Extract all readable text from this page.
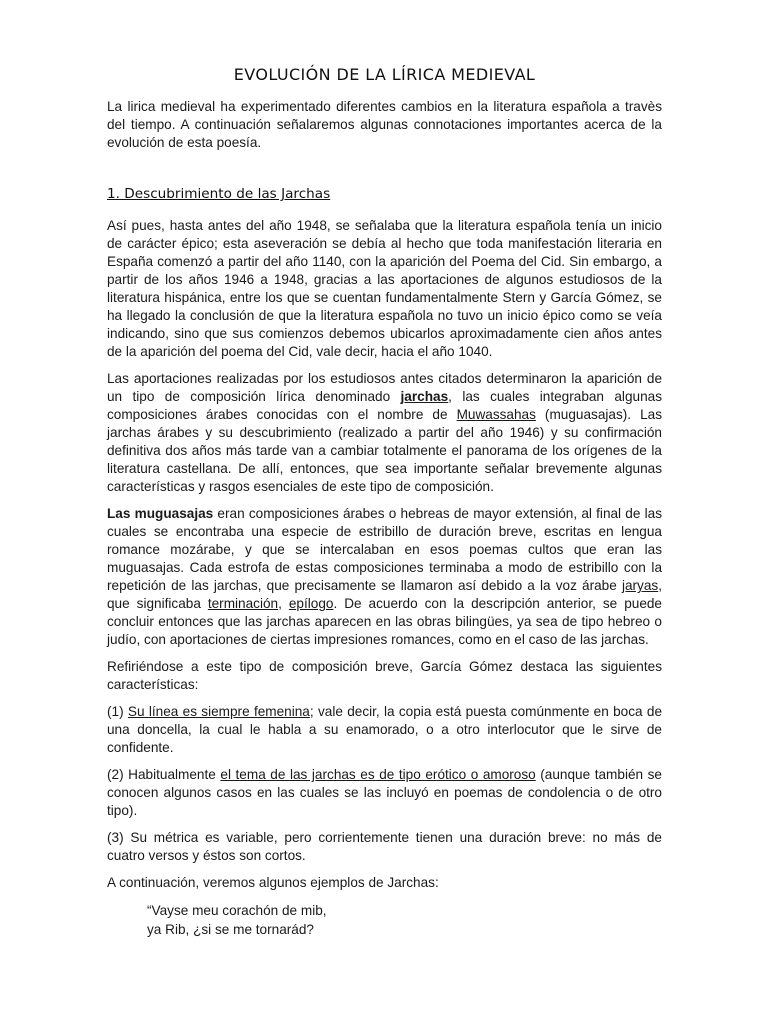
EVOLUCIÓN DE LA LÍRICA MEDIEVAL

La lirica medieval ha experimentado diferentes cambios en la literatura española a travès del tiempo. A continuación señalaremos algunas connotaciones importantes acerca de la evolución de esta poesía.

1. Descubrimiento de las Jarchas

Así pues, hasta antes del año 1948, se señalaba que la literatura española tenía un inicio de carácter épico; esta aseveración se debía al hecho que toda manifestación literaria en España comenzó a partir del año 1140, con la aparición del Poema del Cid. Sin embargo, a partir de los años 1946 a 1948, gracias a las aportaciones de algunos estudiosos de la literatura hispánica, entre los que se cuentan fundamentalmente Stern y García Gómez, se ha llegado la conclusión de que la literatura española no tuvo un inicio épico como se veía indicando, sino que sus comienzos debemos ubicarlos aproximadamente cien años antes de la aparición del poema del Cid, vale decir, hacia el año 1040.

Las aportaciones realizadas por los estudiosos antes citados determinaron la aparición de un tipo de composición lírica denominado jarchas, las cuales integraban algunas composiciones árabes conocidas con el nombre de Muwassahas (muguasajas). Las jarchas árabes y su descubrimiento (realizado a partir del año 1946) y su confirmación definitiva dos años más tarde van a cambiar totalmente el panorama de los orígenes de la literatura castellana. De allí, entonces, que sea importante señalar brevemente algunas características y rasgos esenciales de este tipo de composición.

Las muguasajas eran composiciones árabes o hebreas de mayor extensión, al final de las cuales se encontraba una especie de estribillo de duración breve, escritas en lengua romance mozárabe, y que se intercalaban en esos poemas cultos que eran las muguasajas. Cada estrofa de estas composiciones terminaba a modo de estribillo con la repetición de las jarchas, que precisamente se llamaron así debido a la voz árabe jaryas, que significaba terminación, epílogo. De acuerdo con la descripción anterior, se puede concluir entonces que las jarchas aparecen en las obras bilingües, ya sea de tipo hebreo o judío, con aportaciones de ciertas impresiones romances, como en el caso de las jarchas.

Refiriéndose a este tipo de composición breve, García Gómez destaca las siguientes características:

(1) Su línea es siempre femenina; vale decir, la copia está puesta comúnmente en boca de una doncella, la cual le habla a su enamorado, o a otro interlocutor que le sirve de confidente.

(2) Habitualmente el tema de las jarchas es de tipo erótico o amoroso (aunque también se conocen algunos casos en las cuales se las incluyó en poemas de condolencia o de otro tipo).

(3) Su métrica es variable, pero corrientemente tienen una duración breve: no más de cuatro versos y éstos son cortos.

A continuación, veremos algunos ejemplos de Jarchas:

“Vayse meu corachón de mib,
ya Rib, ¿si se me tornarád?
